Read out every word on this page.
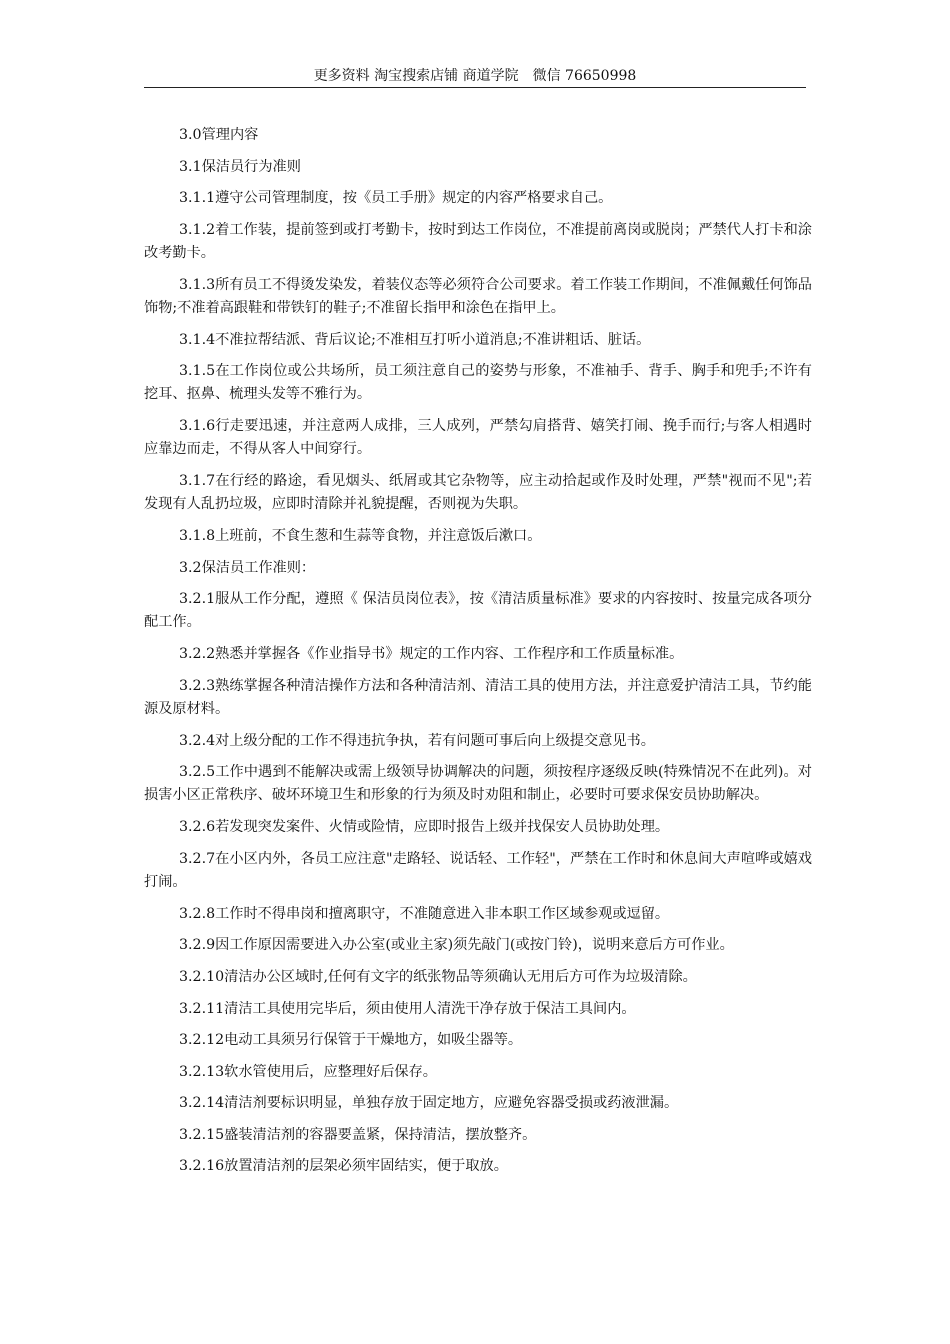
更多资料 淘宝搜索店铺 商道学院　微信 76650998

3.0管理内容

3.1保洁员行为准则

3.1.1遵守公司管理制度，按《员工手册》规定的内容严格要求自己。

3.1.2着工作装，提前签到或打考勤卡，按时到达工作岗位，不准提前离岗或脱岗；严禁代人打卡和涂改考勤卡。

3.1.3所有员工不得烫发染发，着装仪态等必须符合公司要求。着工作装工作期间，不准佩戴任何饰品饰物;不准着高跟鞋和带铁钉的鞋子;不准留长指甲和涂色在指甲上。

3.1.4不准拉帮结派、背后议论;不准相互打听小道消息;不准讲粗话、脏话。

3.1.5在工作岗位或公共场所，员工须注意自己的姿势与形象，不准袖手、背手、胸手和兜手;不许有挖耳、抠鼻、梳理头发等不雅行为。

3.1.6行走要迅速，并注意两人成排，三人成列，严禁勾肩搭背、嬉笑打闹、挽手而行;与客人相遇时应靠边而走，不得从客人中间穿行。

3.1.7在行经的路途，看见烟头、纸屑或其它杂物等，应主动拾起或作及时处理，严禁"视而不见";若发现有人乱扔垃圾，应即时清除并礼貌提醒，否则视为失职。

3.1.8上班前，不食生葱和生蒜等食物，并注意饭后漱口。

3.2保洁员工作准则：

3.2.1服从工作分配，遵照《 保洁员岗位表》，按《清洁质量标准》要求的内容按时、按量完成各项分配工作。

3.2.2熟悉并掌握各《作业指导书》规定的工作内容、工作程序和工作质量标准。

3.2.3熟练掌握各种清洁操作方法和各种清洁剂、清洁工具的使用方法，并注意爱护清洁工具，节约能源及原材料。

3.2.4对上级分配的工作不得违抗争执，若有问题可事后向上级提交意见书。

3.2.5工作中遇到不能解决或需上级领导协调解决的问题，须按程序逐级反映(特殊情况不在此列)。对损害小区正常秩序、破坏环境卫生和形象的行为须及时劝阻和制止，必要时可要求保安员协助解决。

3.2.6若发现突发案件、火情或险情，应即时报告上级并找保安人员协助处理。

3.2.7在小区内外，各员工应注意"走路轻、说话轻、工作轻"，严禁在工作时和休息间大声喧哗或嬉戏打闹。

3.2.8工作时不得串岗和擅离职守，不准随意进入非本职工作区域参观或逗留。

3.2.9因工作原因需要进入办公室(或业主家)须先敲门(或按门铃)，说明来意后方可作业。

3.2.10清洁办公区域时,任何有文字的纸张物品等须确认无用后方可作为垃圾清除。

3.2.11清洁工具使用完毕后，须由使用人清洗干净存放于保洁工具间内。

3.2.12电动工具须另行保管于干燥地方，如吸尘器等。

3.2.13软水管使用后，应整理好后保存。

3.2.14清洁剂要标识明显，单独存放于固定地方，应避免容器受损或药液泄漏。

3.2.15盛装清洁剂的容器要盖紧，保持清洁，摆放整齐。

3.2.16放置清洁剂的层架必须牢固结实，便于取放。
